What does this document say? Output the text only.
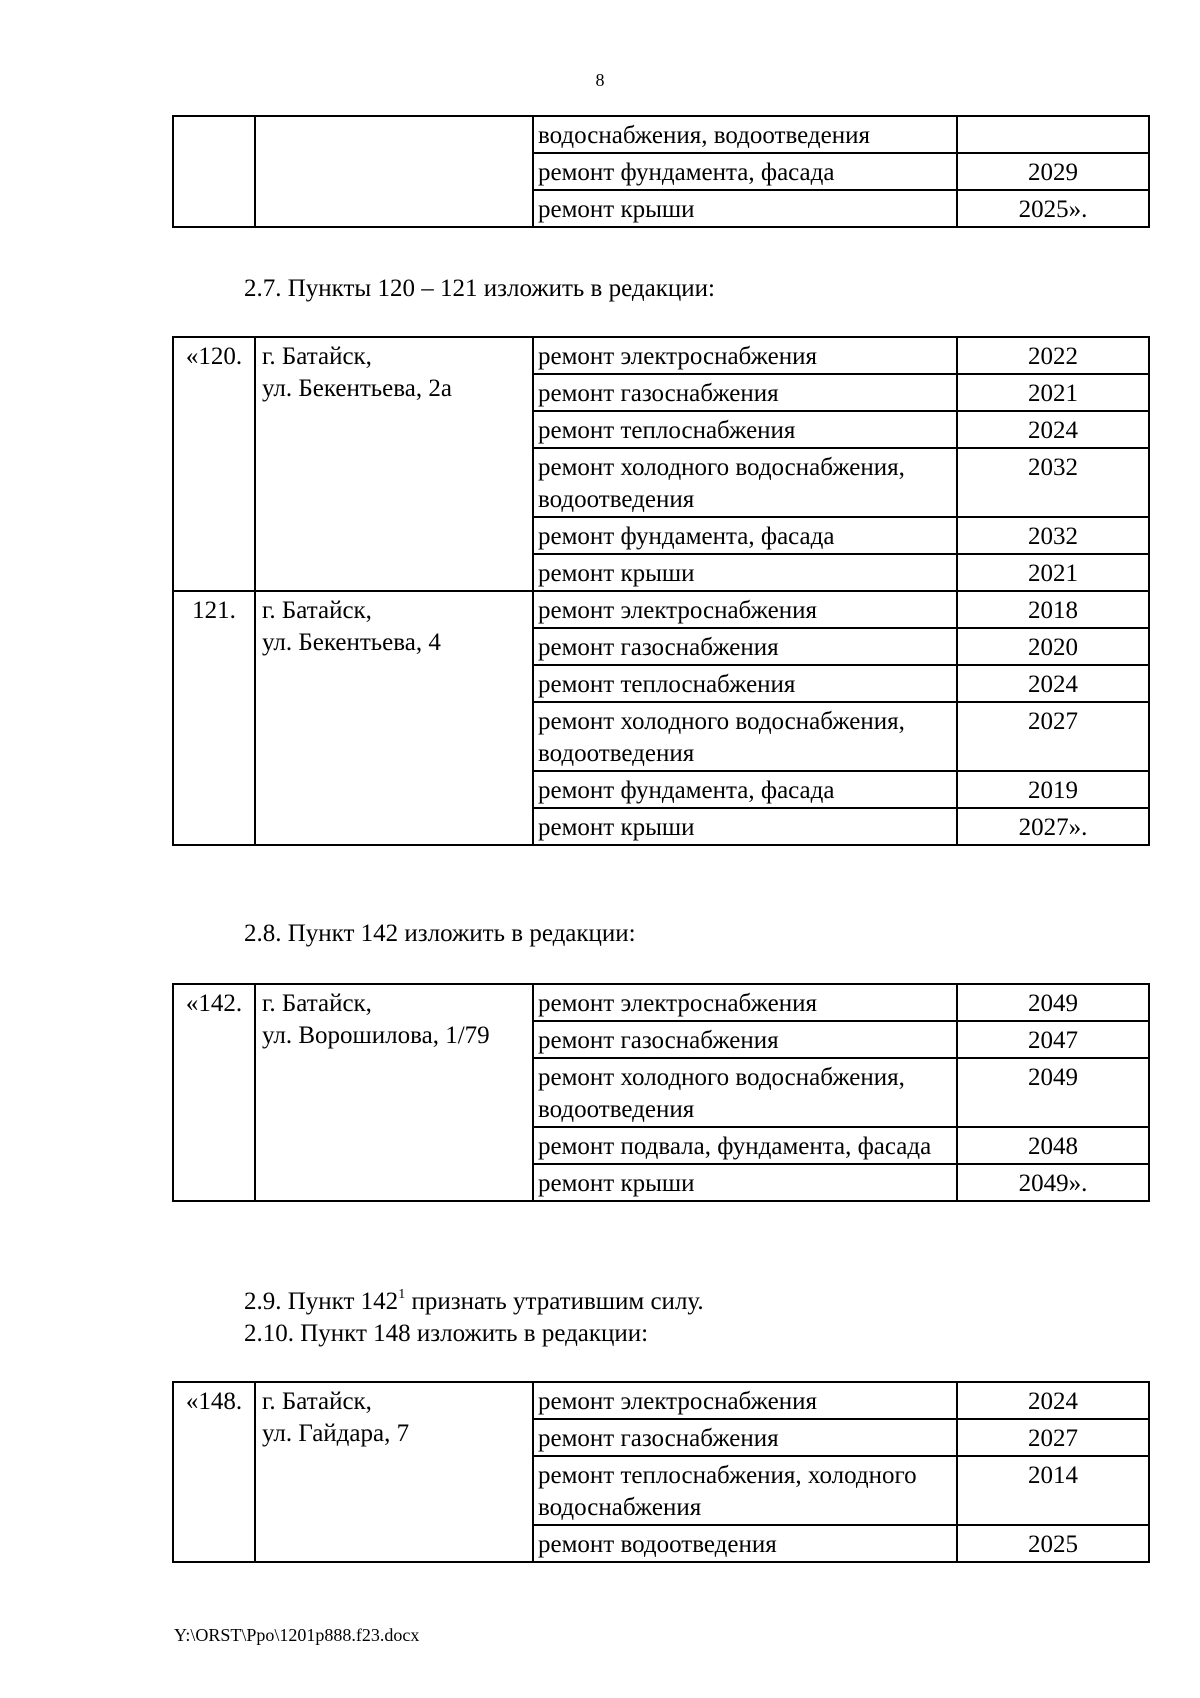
8
		водоснабжения, водоотведения	
		ремонт фундамента, фасада	2029
		ремонт крыши	2025».
2.7. Пункты 120 – 121 изложить в редакции:
«120.	г. Батайск,
ул. Бекентьева, 2а	ремонт электроснабжения	2022
		ремонт газоснабжения	2021
		ремонт теплоснабжения	2024
		ремонт холодного водоснабжения, водоотведения	2032
		ремонт фундамента, фасада	2032
		ремонт крыши	2021
121.	г. Батайск,
ул. Бекентьева, 4	ремонт электроснабжения	2018
		ремонт газоснабжения	2020
		ремонт теплоснабжения	2024
		ремонт холодного водоснабжения, водоотведения	2027
		ремонт фундамента, фасада	2019
		ремонт крыши	2027».
2.8. Пункт 142 изложить в редакции:
«142.	г. Батайск,
ул. Ворошилова, 1/79	ремонт электроснабжения	2049
		ремонт газоснабжения	2047
		ремонт холодного водоснабжения, водоотведения	2049
		ремонт подвала, фундамента, фасада	2048
		ремонт крыши	2049».
2.9. Пункт $142^1$ признать утратившим силу.
2.10. Пункт 148 изложить в редакции:
«148.	г. Батайск,
ул. Гайдара, 7	ремонт электроснабжения	2024
		ремонт газоснабжения	2027
		ремонт теплоснабжения, холодного водоснабжения	2014
		ремонт водоотведения	2025
Y:\ORST\Ppo\1201p888.f23.docx
